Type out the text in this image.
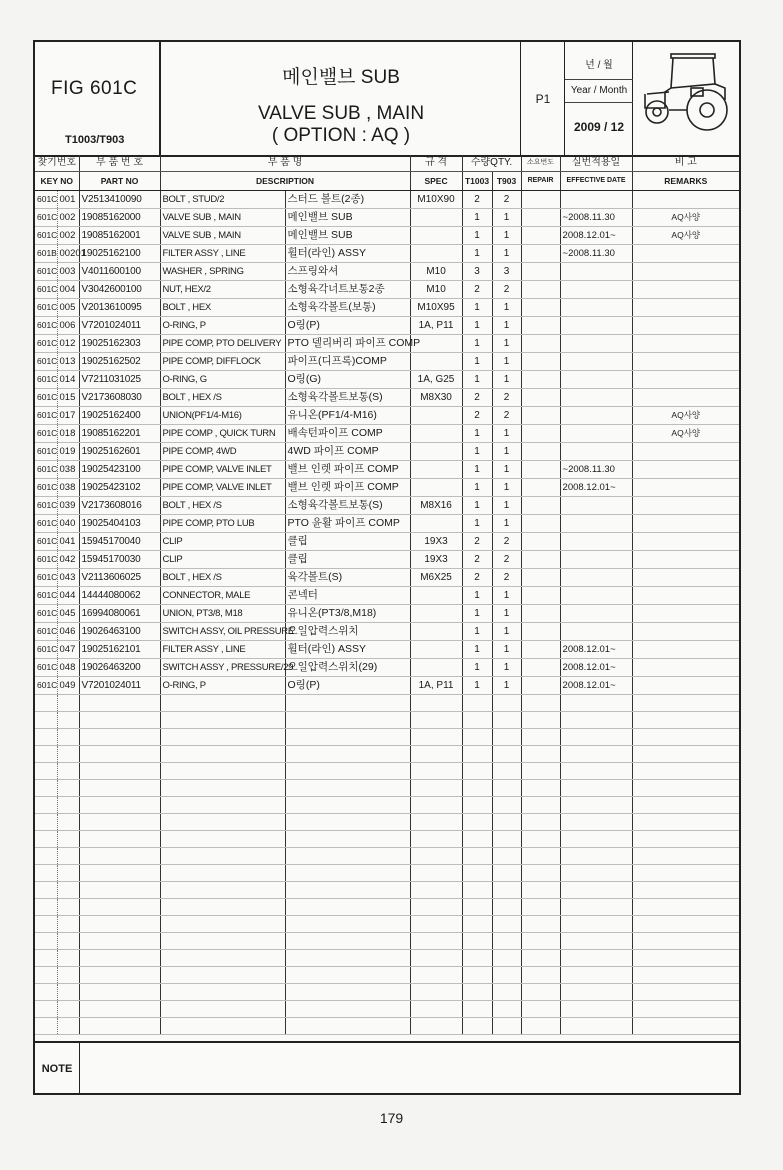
FIG 601C
T1003/T903
메인밸브 SUB
VALVE SUB , MAIN
( OPTION : AQ )
P1
년 / 월
Year / Month
2009 / 12
찾기번호		부 품 번 호	부 품 명		규 격	수량QTY.		소요번도	실번적용일	비 고
KEY NO		PART NO	DESCRIPTION		SPEC	T1003	T903	REPAIR	EFFECTIVE DATE	REMARKS
601C	001	V2513410090	BOLT , STUD/2	스터드 볼트(2종)	M10X90	2	2			
601C	002	19085162000	VALVE SUB , MAIN	메인밸브 SUB		1	1		~2008.11.30	AQ사양
601C	002	19085162001	VALVE SUB , MAIN	메인밸브 SUB		1	1		2008.12.01~	AQ사양
601B	00201	19025162100	FILTER ASSY , LINE	휠터(라인) ASSY		1	1		~2008.11.30	
601C	003	V4011600100	WASHER , SPRING	스프링와셔	M10	3	3			
601C	004	V3042600100	NUT, HEX/2	소형육각너트보통2종	M10	2	2			
601C	005	V2013610095	BOLT , HEX	소형육각볼트(보통)	M10X95	1	1			
601C	006	V7201024011	O-RING, P	O링(P)	1A, P11	1	1			
601C	012	19025162303	PIPE COMP, PTO DELIVERY	PTO 델리버리 파이프 COMP		1	1			
601C	013	19025162502	PIPE COMP, DIFFLOCK	파이프(디프록)COMP		1	1			
601C	014	V7211031025	O-RING, G	O링(G)	1A, G25	1	1			
601C	015	V2173608030	BOLT , HEX /S	소형육각볼트보통(S)	M8X30	2	2			
601C	017	19025162400	UNION(PF1/4-M16)	유니온(PF1/4-M16)		2	2			AQ사양
601C	018	19085162201	PIPE COMP , QUICK TURN	배속턴파이프 COMP		1	1			AQ사양
601C	019	19025162601	PIPE COMP, 4WD	4WD 파이프 COMP		1	1			
601C	038	19025423100	PIPE COMP, VALVE INLET	밸브 인렛 파이프 COMP		1	1		~2008.11.30	
601C	038	19025423102	PIPE COMP, VALVE INLET	밸브 인렛 파이프 COMP		1	1		2008.12.01~	
601C	039	V2173608016	BOLT , HEX /S	소형육각볼트보통(S)	M8X16	1	1			
601C	040	19025404103	PIPE COMP, PTO LUB	PTO 윤활 파이프 COMP		1	1			
601C	041	15945170040	CLIP	클립	19X3	2	2			
601C	042	15945170030	CLIP	클립	19X3	2	2			
601C	043	V2113606025	BOLT , HEX /S	육각볼트(S)	M6X25	2	2			
601C	044	14444080062	CONNECTOR, MALE	콘넥터		1	1			
601C	045	16994080061	UNION, PT3/8, M18	유니온(PT3/8,M18)		1	1			
601C	046	19026463100	SWITCH ASSY, OIL PRESSURE	오일압력스위치		1	1			
601C	047	19025162101	FILTER ASSY , LINE	휠터(라인) ASSY		1	1		2008.12.01~	
601C	048	19026463200	SWITCH ASSY , PRESSURE/29	오일압력스위치(29)		1	1		2008.12.01~	
601C	049	V7201024011	O-RING, P	O링(P)	1A, P11	1	1		2008.12.01~	

NOTE
179
